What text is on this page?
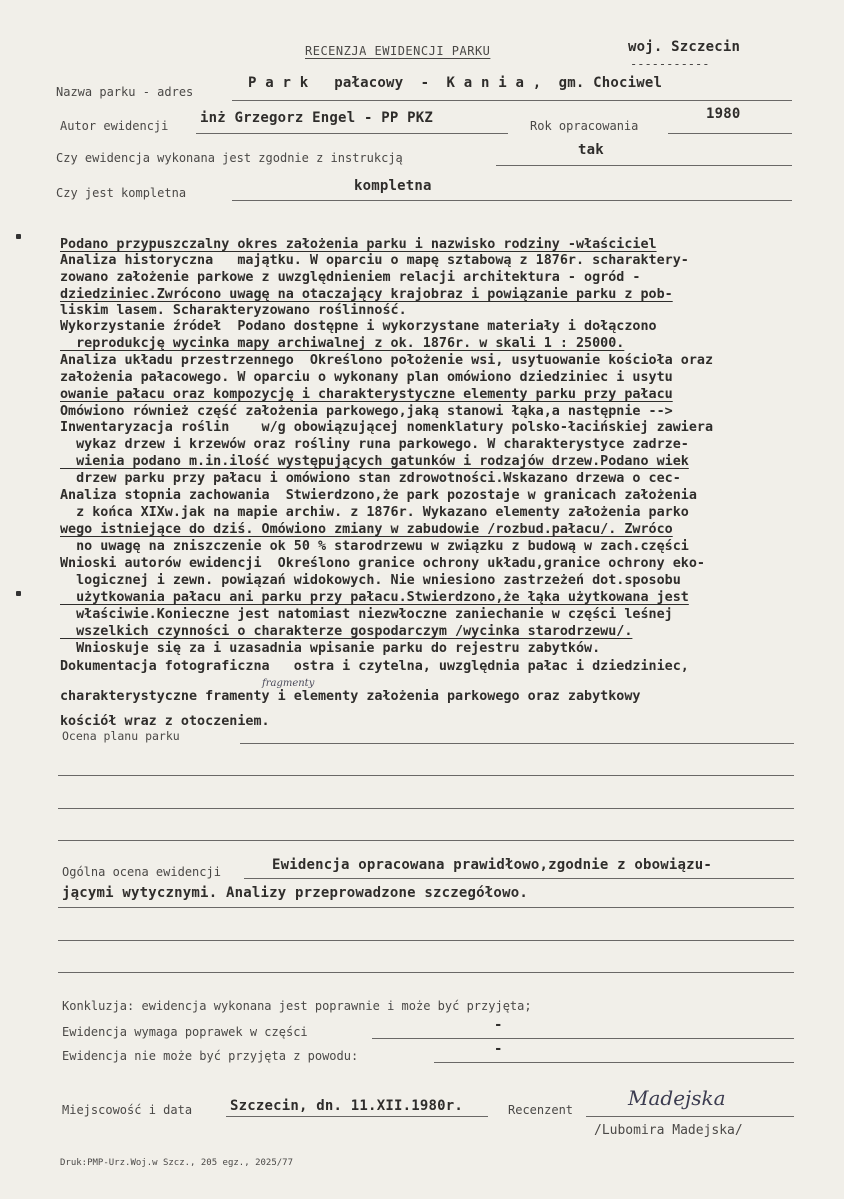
RECENZJA EWIDENCJI PARKU	woj. Szczecin
-----------
Nazwa parku - adres
P a r k   pałacowy  -  K a n i a ,  gm. Chociwel
Autor ewidencji inż Grzegorz Engel - PP PKZ	Rok opracowania
1980
Czy ewidencja wykonana jest zgodnie z instrukcją	tak
Czy jest kompletna	kompletna
Podano przypuszczalny okres założenia parku i nazwisko rodziny -właściciel
Analiza historyczna   majątku. W oparciu o mapę sztabową z 1876r. scharaktery-
zowano założenie parkowe z uwzględnieniem relacji architektura - ogród -
dziedziniec.Zwrócono uwagę na otaczający krajobraz i powiązanie parku z pob-
liskim lasem. Scharakteryzowano roślinność.
Wykorzystanie źródeł  Podano dostępne i wykorzystane materiały i dołączono
reprodukcję wycinka mapy archiwalnej z ok. 1876r. w skali 1 : 25000.
Analiza układu przestrzennego  Określono położenie wsi, usytuowanie kościoła oraz
założenia pałacowego. W oparciu o wykonany plan omówiono dziedziniec i usytu
owanie pałacu oraz kompozycję i charakterystyczne elementy parku przy pałacu
Omówiono również część założenia parkowego,jaką stanowi łąka,a następnie -->
Inwentaryzacja roślin    w/g obowiązującej nomenklatury polsko-łacińskiej zawiera
wykaz drzew i krzewów oraz rośliny runa parkowego. W charakterystyce zadrze-
wienia podano m.in.ilość występujących gatunków i rodzajów drzew.Podano wiek
drzew parku przy pałacu i omówiono stan zdrowotności.Wskazano drzewa o cec-
Analiza stopnia zachowania  Stwierdzono,że park pozostaje w granicach założenia
z końca XIXw.jak na mapie archiw. z 1876r. Wykazano elementy założenia parko
wego istniejące do dziś. Omówiono zmiany w zabudowie /rozbud.pałacu/. Zwróco
no uwagę na zniszczenie ok 50 % starodrzewu w związku z budową w zach.części
Wnioski autorów ewidencji  Określono granice ochrony układu,granice ochrony eko-
logicznej i zewn. powiązań widokowych. Nie wniesiono zastrzeżeń dot.sposobu
użytkowania pałacu ani parku przy pałacu.Stwierdzono,że łąka użytkowana jest
właściwie.Konieczne jest natomiast niezwłoczne zaniechanie w części leśnej
wszelkich czynności o charakterze gospodarczym /wycinka starodrzewu/.
Wnioskuje się za i uzasadnia wpisanie parku do rejestru zabytków.
Dokumentacja fotograficzna   ostra i czytelna, uwzględnia pałac i dziedziniec,
charakterystyczne framenty i elementy założenia parkowego oraz zabytkowy
kościół wraz z otoczeniem.
Ocena planu parku
fragmenty
Ogólna ocena ewidencji	Ewidencja opracowana prawidłowo,zgodnie z obowiązu-
jącymi wytycznymi. Analizy przeprowadzone szczegółowo.
Konkluzja: ewidencja wykonana jest poprawnie i może być przyjęta;
Ewidencja wymaga poprawek w części	-
Ewidencja nie może być przyjęta z powodu:	-
Miejscowość i data	Szczecin, dn. 11.XII.1980r.	Recenzent	Madejska
/Lubomira Madejska/
Druk:PMP-Urz.Woj.w Szcz., 205 egz., 2025/77
